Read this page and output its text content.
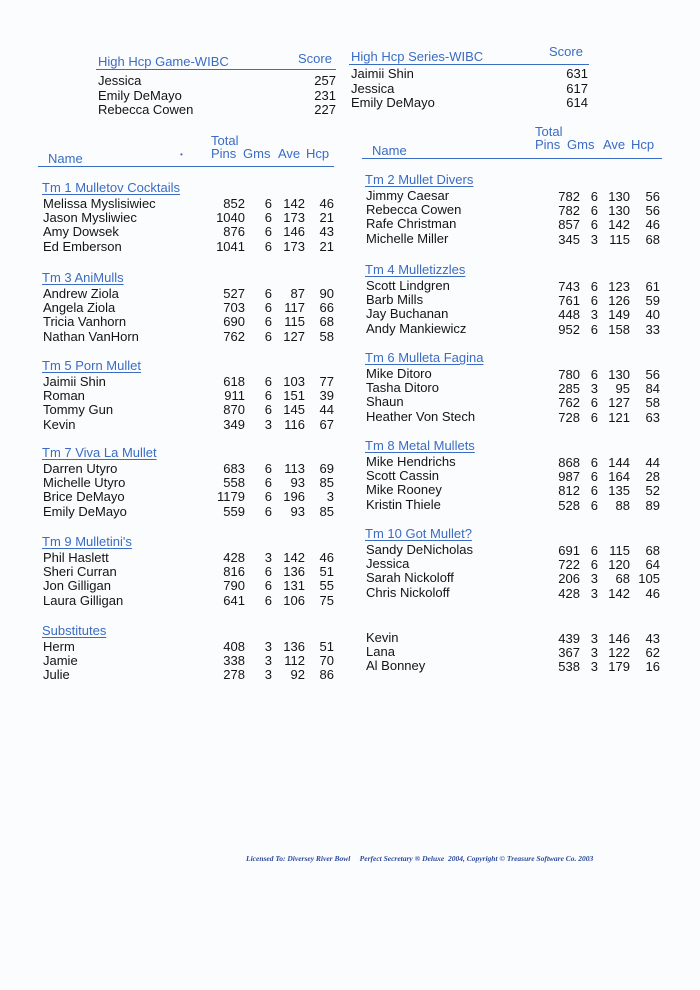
High Hcp Game-WIBC	Score
Jessica	257
Emily DeMayo	231
Rebecca Cowen	227
High Hcp Series-WIBC	Score
Jaimii Shin	631
Jessica	617
Emily DeMayo	614
Name
Total
Pins Gms Ave Hcp
•	Name
Total
Pins Gms Ave Hcp
Tm 1 Mulletov Cocktails
Melissa Myslisiwiec	852	6 142	46
Jason Mysliwiec	1040	6 173	21
Amy Dowsek	876	6 146	43
Ed Emberson	1041	6 173	21
Tm 3 AniMulls
Andrew Ziola	527	6	87	90
Angela Ziola	703	6 117	66
Tricia Vanhorn	690	6 115	68
Nathan VanHorn	762	6 127	58
Tm 5 Porn Mullet
Jaimii Shin	618	6 103	77
Roman	911	6 151	39
Tommy Gun	870	6 145	44
Kevin	349	3 116	67
Tm 7 Viva La Mullet
Darren Utyro	683	6 113	69
Michelle Utyro	558	6	93	85
Brice DeMayo	1179	6 196	3
Emily DeMayo	559	6	93	85
Tm 9 Mulletini's
Phil Haslett	428	3 142	46
Sheri Curran	816	6 136	51
Jon Gilligan	790	6 131	55
Laura Gilligan	641	6 106	75
Substitutes
Herm	408	3 136	51
Jamie	338	3 112	70
Julie	278	3	92	86
Tm 2 Mullet Divers
Jimmy Caesar	782 6 130	56
Rebecca Cowen	782 6 130	56
Rafe Christman	857 6 142	46
Michelle Miller	345 3 115	68
Tm 4 Mulletizzles
Scott Lindgren	743 6 123	61
Barb Mills	761 6 126	59
Jay Buchanan	448 3 149	40
Andy Mankiewicz	952 6 158	33
Tm 6 Mulleta Fagina
Mike Ditoro	780 6 130	56
Tasha Ditoro	285 3	95	84
Shaun	762 6 127	58
Heather Von Stech	728 6 121	63
Tm 8 Metal Mullets
Mike Hendrichs	868 6 144	44
Scott Cassin	987 6 164	28
Mike Rooney	812 6 135	52
Kristin Thiele	528 6	88	89
Tm 10 Got Mullet?
Sandy DeNicholas	691 6 115	68
Jessica	722 6 120	64
Sarah Nickoloff	206 3	68 105
Chris Nickoloff	428 3 142	46
Kevin	439 3 146	43
Lana	367 3 122	62
Al Bonney	538 3 179	16
Licensed To: Diversey River Bowl     Perfect Secretary ® Deluxe  2004, Copyright © Treasure Software Co. 2003
